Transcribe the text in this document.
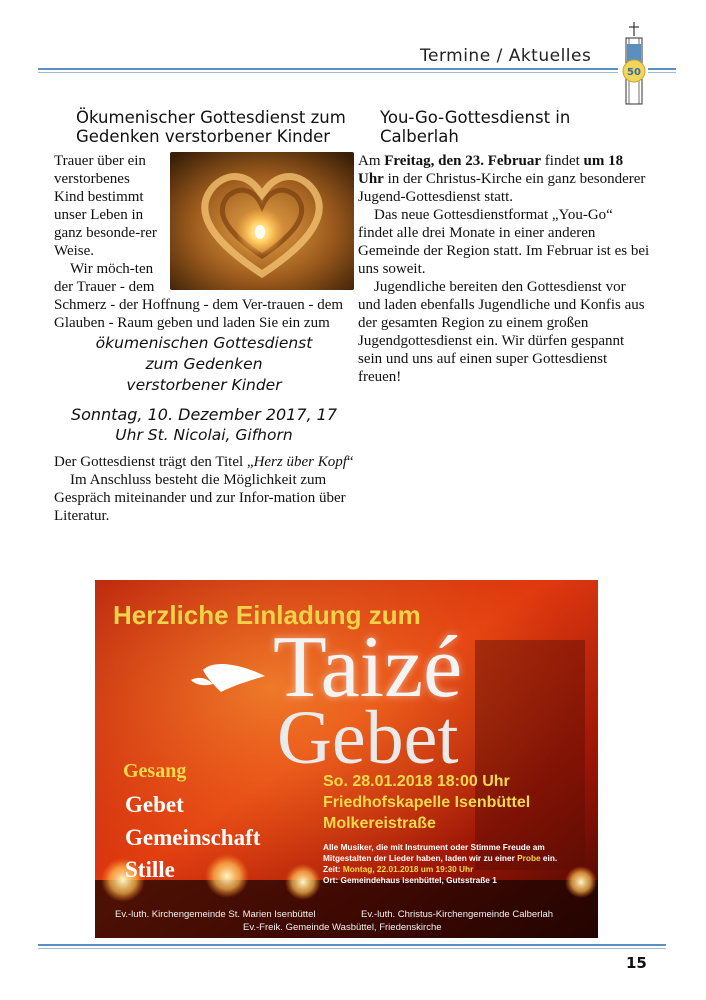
Termine / Aktuelles
50
Ökumenischer Gottesdienst zum Gedenken verstorbener Kinder

Trauer über ein verstorbenes Kind bestimmt unser Leben in ganz besonde-rer Weise.

Wir möch-ten der Trauer - dem Schmerz - der Hoffnung - dem Ver-trauen - dem Glauben - Raum geben und laden Sie ein zum

ökumenischen Gottesdienst
zum Gedenken
verstorbener Kinder
Sonntag, 10. Dezember 2017, 17
Uhr St. Nicolai, Gifhorn

Der Gottesdienst trägt den Titel „Herz über Kopf“

Im Anschluss besteht die Möglichkeit zum Gespräch miteinander und zur Infor-mation über Literatur.

You-Go-Gottesdienst in Calberlah

Am Freitag, den 23. Februar findet um 18 Uhr in der Christus-Kirche ein ganz besonderer Jugend-Gottesdienst statt.

Das neue Gottesdienstformat „You-Go“ findet alle drei Monate in einer anderen Gemeinde der Region statt. Im Februar ist es bei uns soweit.

Jugendliche bereiten den Gottesdienst vor und laden ebenfalls Jugendliche und Konfis aus der gesamten Region zu einem großen Jugendgottesdienst ein. Wir dürfen gespannt sein und uns auf einen super Gottesdienst freuen!

Herzliche Einladung zum
Taizé
Gebet
Gesang
Gebet
Gemeinschaft
Stille
So. 28.01.2018 18:00 Uhr
Friedhofskapelle Isenbüttel
Molkereistraße
Alle Musiker, die mit Instrument oder Stimme Freude am
Mitgestalten der Lieder haben, laden wir zu einer Probe ein.
Zeit: Montag, 22.01.2018 um 19:30 Uhr
Ort: Gemeindehaus Isenbüttel, Gutsstraße 1
Ev.-luth. Kirchengemeinde St. Marien Isenbüttel	Ev.-luth. Christus-Kirchengemeinde Calberlah
Ev.-Freik. Gemeinde Wasbüttel, Friedenskirche
15
